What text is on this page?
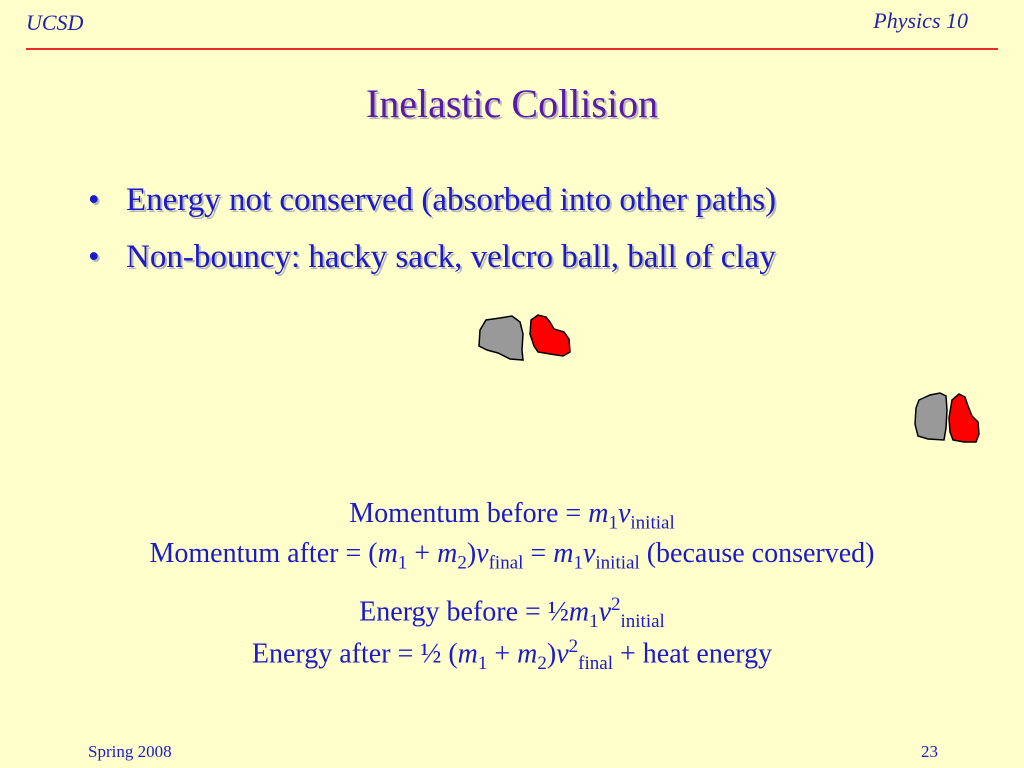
UCSD	Physics 10
Inelastic Collision
• Energy not conserved (absorbed into other paths)
• Non-bouncy: hacky sack, velcro ball, ball of clay
Momentum before = $m_1v_{initial}$
Momentum after = $(m_1 + m_2)v_{final} = m_1v_{initial}$ (because conserved)
Energy before = $\frac{1}{2}m_1v^2_{initial}$
Energy after = ½ $(m_1 + m_2)v^2_{final}$ + heat energy
Spring 2008	23
